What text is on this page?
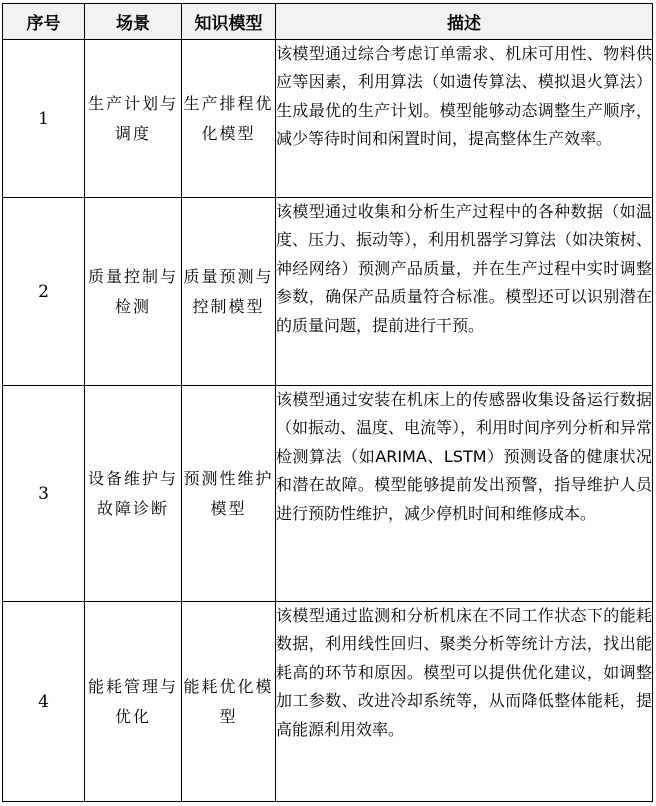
序号	场景	知识模型	描述
1	生产计划与调度	生产排程优化模型	该模型通过综合考虑订单需求、机床可用性、物料供应等因素，利用算法（如遗传算法、模拟退火算法）生成最优的生产计划。模型能够动态调整生产顺序，减少等待时间和闲置时间，提高整体生产效率。
2	质量控制与检测	质量预测与控制模型	该模型通过收集和分析生产过程中的各种数据（如温度、压力、振动等），利用机器学习算法（如决策树、神经网络）预测产品质量，并在生产过程中实时调整参数，确保产品质量符合标准。模型还可以识别潜在的质量问题，提前进行干预。
3	设备维护与故障诊断	预测性维护模型	该模型通过安装在机床上的传感器收集设备运行数据（如振动、温度、电流等），利用时间序列分析和异常检测算法（如ARIMA、LSTM）预测设备的健康状况和潜在故障。模型能够提前发出预警，指导维护人员进行预防性维护，减少停机时间和维修成本。
4	能耗管理与优化	能耗优化模型	该模型通过监测和分析机床在不同工作状态下的能耗数据，利用线性回归、聚类分析等统计方法，找出能耗高的环节和原因。模型可以提供优化建议，如调整加工参数、改进冷却系统等，从而降低整体能耗，提高能源利用效率。
